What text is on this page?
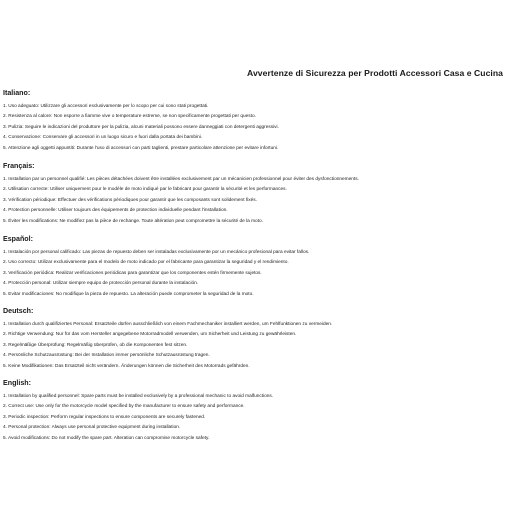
Avvertenze di Sicurezza per Prodotti Accessori Casa e Cucina
Italiano:
1. Uso adeguato: Utilizzare gli accessori esclusivamente per lo scopo per cui sono stati progettati.
2. Resistenza al calore: Non esporre a fiamme vive o temperature estreme, se non specificamente progettati per questo.
3. Pulizia: Seguire le indicazioni del produttore per la pulizia, alcuni materiali possono essere danneggiati con detergenti aggressivi.
4. Conservazione: Conservare gli accessori in un luogo sicuro e fuori dalla portata dei bambini.
5. Attenzione agli oggetti appuntiti: Durante l'uso di accessori con parti taglienti, prestare particolare attenzione per evitare infortuni.
Français:
1. Installation par un personnel qualifié: Les pièces détachées doivent être installées exclusivement par un mécanicien professionnel pour éviter des dysfonctionnements.
2. Utilisation correcte: Utiliser uniquement pour le modèle de moto indiqué par le fabricant pour garantir la sécurité et les performances.
3. Vérification périodique: Effectuer des vérifications périodiques pour garantir que les composants sont solidement fixés.
4. Protection personnelle: Utiliser toujours des équipements de protection individuelle pendant l'installation.
5. Éviter les modifications: Ne modifiez pas la pièce de rechange. Toute altération peut compromettre la sécurité de la moto.
Español:
1. Instalación por personal calificado: Las piezas de repuesto deben ser instaladas exclusivamente por un mecánico profesional para evitar fallos.
2. Uso correcto: Utilizar exclusivamente para el modelo de moto indicado por el fabricante para garantizar la seguridad y el rendimiento.
3. Verificación periódica: Realizar verificaciones periódicas para garantizar que los componentes estén firmemente sujetos.
4. Protección personal: Utilizar siempre equipo de protección personal durante la instalación.
5. Evitar modificaciones: No modifique la pieza de repuesto. La alteración puede comprometer la seguridad de la moto.
Deutsch:
1. Installation durch qualifiziertes Personal: Ersatzteile dürfen ausschließlich von einem Fachmechaniker installiert werden, um Fehlfunktionen zu vermeiden.
2. Richtige Verwendung: Nur für das vom Hersteller angegebene Motorradmodell verwenden, um Sicherheit und Leistung zu gewährleisten.
3. Regelmäßige Überprüfung: Regelmäßig überprüfen, ob die Komponenten fest sitzen.
4. Persönliche Schutzausrüstung: Bei der Installation immer persönliche Schutzausrüstung tragen.
5. Keine Modifikationen: Das Ersatzteil nicht verändern. Änderungen können die Sicherheit des Motorrads gefährden.
English:
1. Installation by qualified personnel: Spare parts must be installed exclusively by a professional mechanic to avoid malfunctions.
2. Correct use: Use only for the motorcycle model specified by the manufacturer to ensure safety and performance.
3. Periodic inspection: Perform regular inspections to ensure components are securely fastened.
4. Personal protection: Always use personal protective equipment during installation.
5. Avoid modifications: Do not modify the spare part. Alteration can compromise motorcycle safety.
